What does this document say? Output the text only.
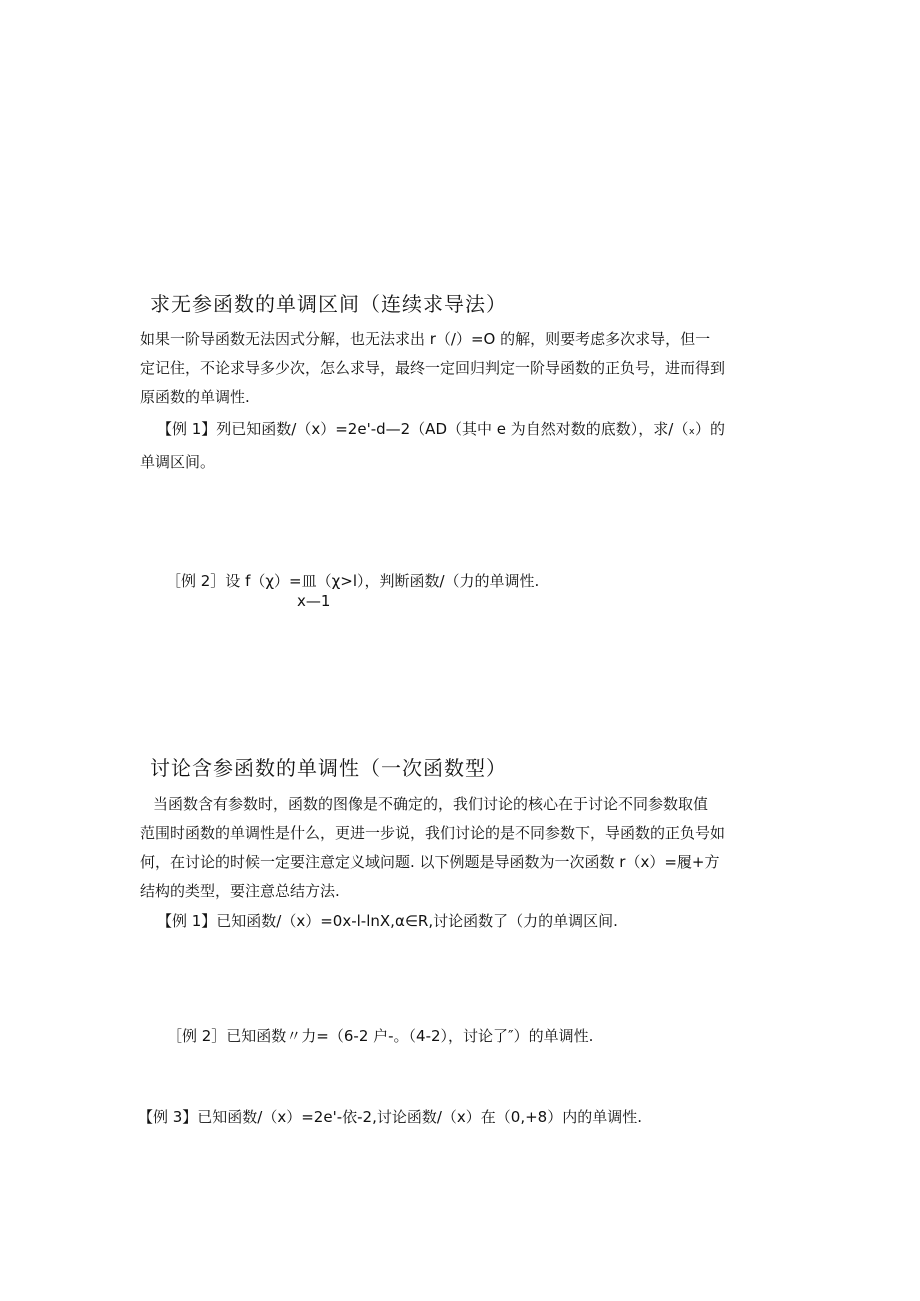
求无参函数的单调区间（连续求导法）
如果一阶导函数无法因式分解，也无法求出 r（/）=O 的解，则要考虑多次求导，但一
定记住，不论求导多少次，怎么求导，最终一定回归判定一阶导函数的正负号，进而得到
原函数的单调性.
【例 1】列已知函数/（x）=2e'-d—2（AD（其中 e 为自然对数的底数），求/（ₓ）的
单调区间。
［例 2］设 f（χ）=皿（χ>l），判断函数/（力的单调性.
x—1
讨论含参函数的单调性（一次函数型）
当函数含有参数时，函数的图像是不确定的，我们讨论的核心在于讨论不同参数取值
范围时函数的单调性是什么，更进一步说，我们讨论的是不同参数下，导函数的正负号如
何，在讨论的时候一定要注意定义域问题. 以下例题是导函数为一次函数 r（x）=履+方
结构的类型，要注意总结方法.
【例 1】已知函数/（x）=0x-l-lnX,α∈R,讨论函数了（力的单调区间.
［例 2］已知函数〃力=（6-2 户-。（4-2），讨论了″）的单调性.
【例 3】已知函数/（x）=2e'-依-2,讨论函数/（x）在（0,+8）内的单调性.
